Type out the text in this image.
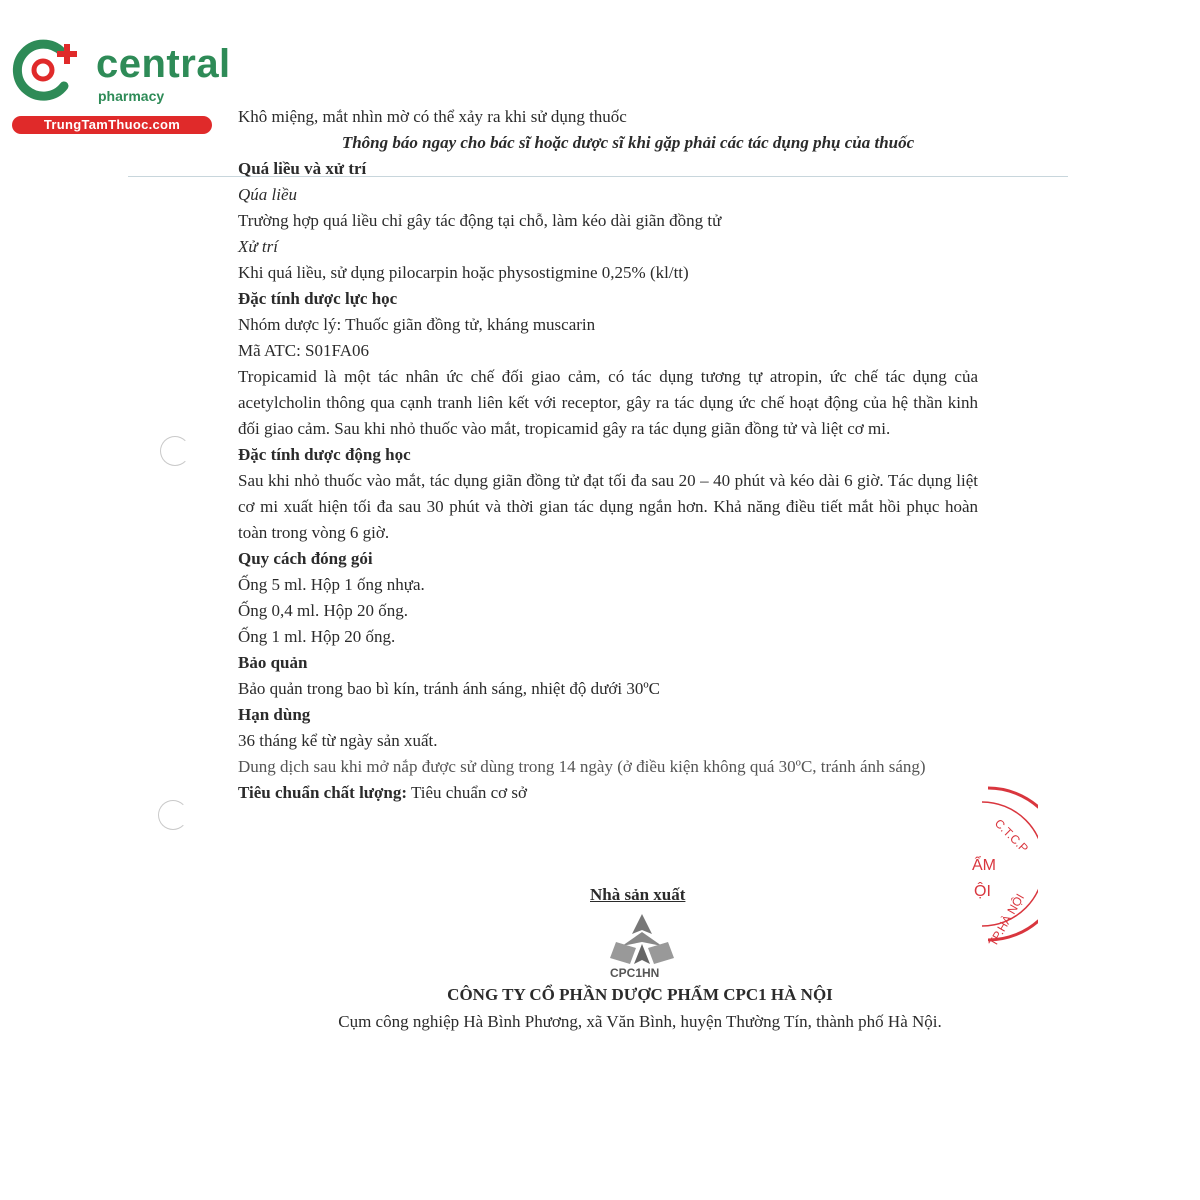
central
pharmacy
TrungTamThuoc.com	Khô miệng, mắt nhìn mờ có thể xảy ra khi sử dụng thuốc

Thông báo ngay cho bác sĩ hoặc dược sĩ khi gặp phải các tác dụng phụ của thuốc

Quá liều và xử trí

Qúa liều

Trường hợp quá liều chỉ gây tác động tại chỗ, làm kéo dài giãn đồng tử

Xử trí

Khi quá liều, sử dụng pilocarpin hoặc physostigmine 0,25% (kl/tt)

Đặc tính dược lực học

Nhóm dược lý: Thuốc giãn đồng tử, kháng muscarin

Mã ATC: S01FA06

Tropicamid là một tác nhân ức chế đối giao cảm, có tác dụng tương tự atropin, ức chế tác dụng của acetylcholin thông qua cạnh tranh liên kết với receptor, gây ra tác dụng ức chế hoạt động của hệ thần kinh đối giao cảm. Sau khi nhỏ thuốc vào mắt, tropicamid gây ra tác dụng giãn đồng tử và liệt cơ mi.

Đặc tính dược động học

Sau khi nhỏ thuốc vào mắt, tác dụng giãn đồng tử đạt tối đa sau 20 – 40 phút và kéo dài 6 giờ. Tác dụng liệt cơ mi xuất hiện tối đa sau 30 phút và thời gian tác dụng ngắn hơn. Khả năng điều tiết mắt hồi phục hoàn toàn trong vòng 6 giờ.

Quy cách đóng gói

Ống 5 ml. Hộp 1 ống nhựa.

Ống 0,4 ml. Hộp 20 ống.

Ống 1 ml. Hộp 20 ống.

Bảo quản

Bảo quản trong bao bì kín, tránh ánh sáng, nhiệt độ dưới 30ºC

Hạn dùng

36 tháng kể từ ngày sản xuất.

Dung dịch sau khi mở nắp được sử dùng trong 14 ngày (ở điều kiện không quá 30ºC, tránh ánh sáng)

Tiêu chuẩn chất lượng: Tiêu chuẩn cơ sở

Nhà sản xuất
CPC1HN
CÔNG TY CỔ PHẦN DƯỢC PHẨM CPC1 HÀ NỘI
Cụm công nghiệp Hà Bình Phương, xã Văn Bình, huyện Thường Tín, thành phố Hà Nội.
C.T.C.P
ẨM
ỘI
TP.HÀ NỘI
